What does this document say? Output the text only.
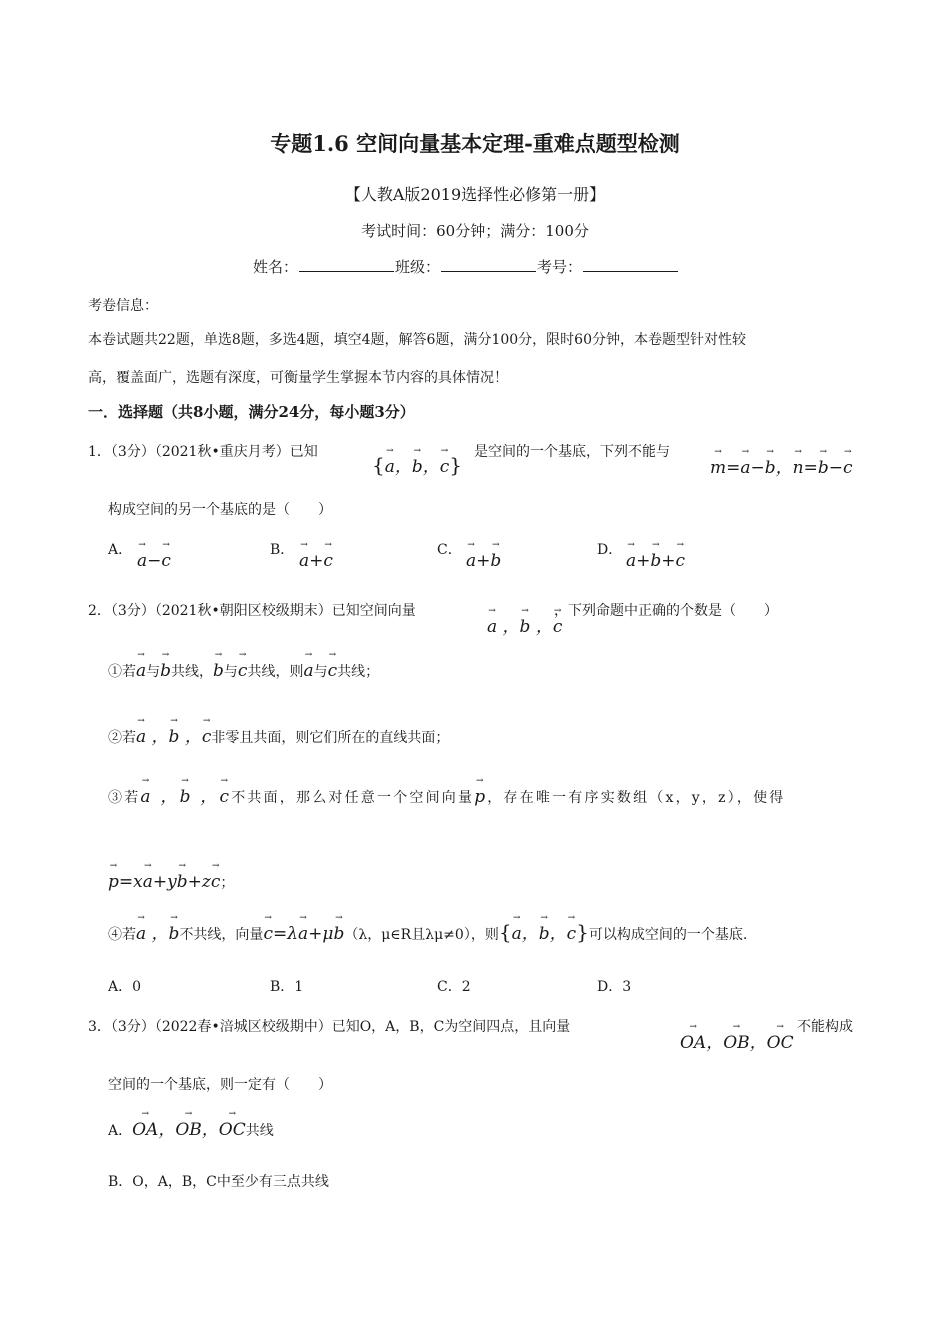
专题1.6 空间向量基本定理-重难点题型检测
【人教A版2019选择性必修第一册】
考试时间：60分钟；满分：100分
姓名：	班级：	考号：
考卷信息：
本卷试题共22题，单选8题，多选4题，填空4题，解答6题，满分100分，限时60分钟，本卷题型针对性较
高，覆盖面广，选题有深度，可衡量学生掌握本节内容的具体情况！
一．选择题（共8小题，满分24分，每小题3分）
1．（3分）（2021秋•重庆月考）已知
{→ a，→ b，→ c}
是空间的一个基底，下列不能与
→ m=→ a−→ b，→ n=→ b−→ c
构成空间的另一个基底的是（　　）
A．
→ a−→ c
B．
→ a+→ c
C．
→ a+→ b
D．
→ a+→ b+→ c
2．（3分）（2021秋•朝阳区校级期末）已知空间向量
→ a ，→ b ，→ c
，下列命题中正确的个数是（　　）
①若→ a与→ b共线，→ b与→ c共线，则→ a与→ c共线；
②若→ a ，→ b ，→ c非零且共面，则它们所在的直线共面；
③若→ a ，→ b ，→ c不共面，那么对任意一个空间向量→ p，存在唯一有序实数组（x，y，z），使得
→ p=x→ a+y→ b+z→ c；
④若→ a ，→ b不共线，向量→ c=λ→ a+μ→ b（λ，μ∈R且λμ≠0），则{→ a，→ b，→ c}可以构成空间的一个基底.
A．0	B．1	C．2	D．3
3．（3分）（2022春•涪城区校级期中）已知O，A，B，C为空间四点，且向量
→ OA，→ OB，→ OC
不能构成
空间的一个基底，则一定有（　　）
A．→ OA，→ OB，→ OC共线
B．O，A，B，C中至少有三点共线
